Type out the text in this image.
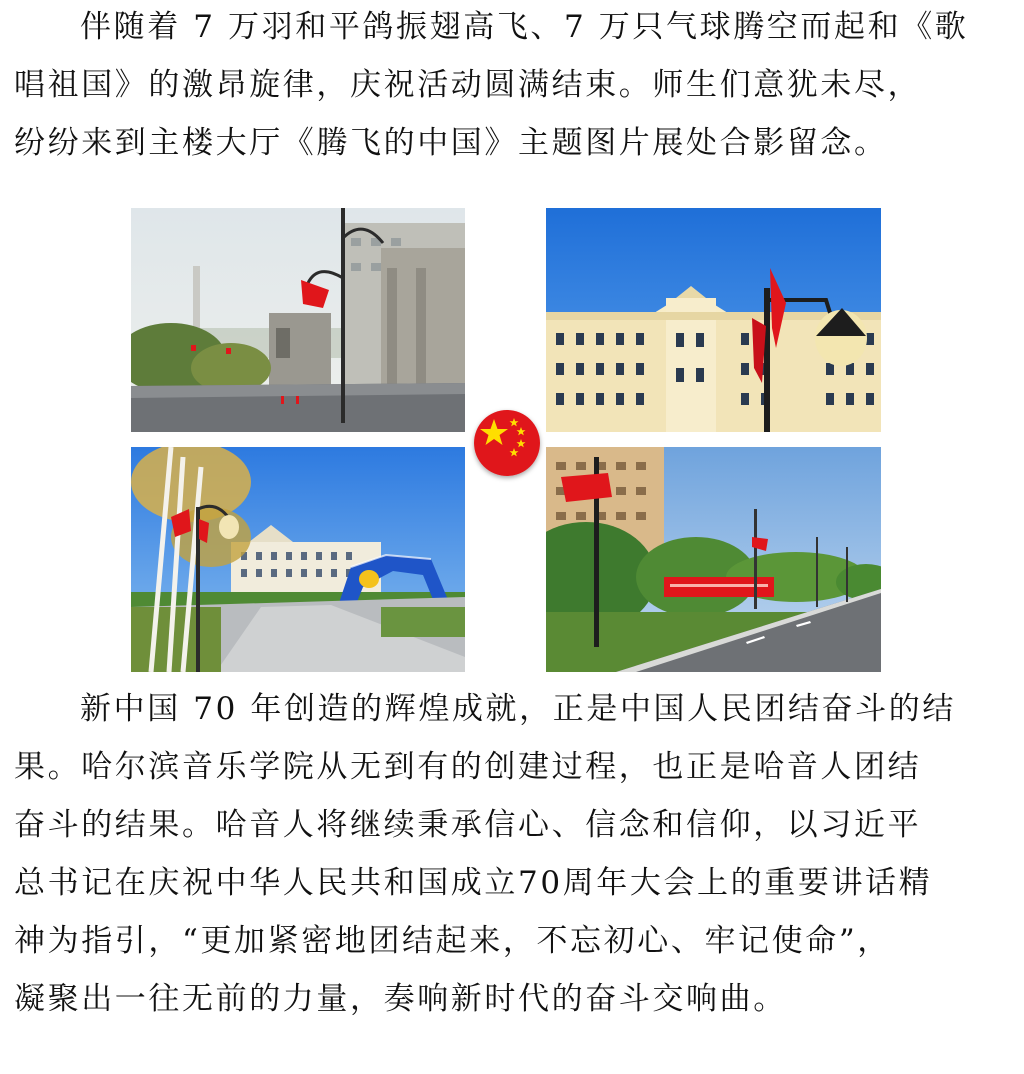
伴随着 7 万羽和平鸽振翅高飞、7 万只气球腾空而起和《歌
唱祖国》的激昂旋律，庆祝活动圆满结束。师生们意犹未尽，
纷纷来到主楼大厅《腾飞的中国》主题图片展处合影留念。
新中国 70 年创造的辉煌成就，正是中国人民团结奋斗的结
果。哈尔滨音乐学院从无到有的创建过程，也正是哈音人团结
奋斗的结果。哈音人将继续秉承信心、信念和信仰，以习近平
总书记在庆祝中华人民共和国成立70周年大会上的重要讲话精
神为指引，“更加紧密地团结起来，不忘初心、牢记使命”，
凝聚出一往无前的力量，奏响新时代的奋斗交响曲。
